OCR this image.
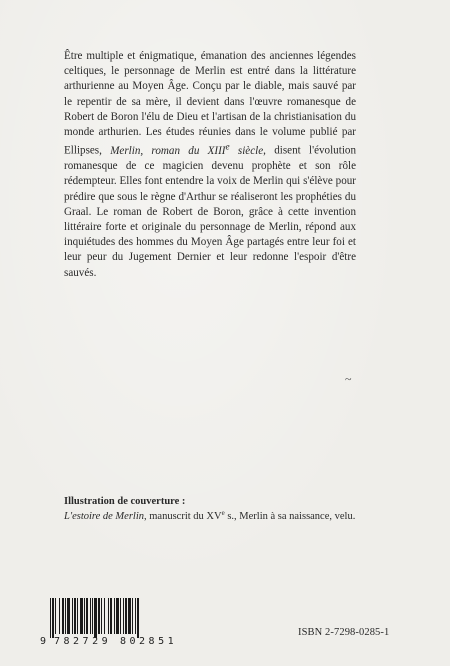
Être multiple et énigmatique, émanation des anciennes légendes celtiques, le personnage de Merlin est entré dans la littérature arthurienne au Moyen Âge. Conçu par le diable, mais sauvé par le repentir de sa mère, il devient dans l'œuvre romanesque de Robert de Boron l'élu de Dieu et l'artisan de la christianisation du monde arthurien. Les études réunies dans le volume publié par Ellipses, Merlin, roman du XIIIe siècle, disent l'évolution romanesque de ce magicien devenu prophète et son rôle rédempteur. Elles font entendre la voix de Merlin qui s'élève pour prédire que sous le règne d'Arthur se réaliseront les prophéties du Graal. Le roman de Robert de Boron, grâce à cette invention littéraire forte et originale du personnage de Merlin, répond aux inquiétudes des hommes du Moyen Âge partagés entre leur foi et leur peur du Jugement Dernier et leur redonne l'espoir d'être sauvés.

~
Illustration de couverture :
L'estoire de Merlin, manuscrit du XVe s., Merlin à sa naissance, velu.
9 782729 802851
ISBN 2-7298-0285-1
